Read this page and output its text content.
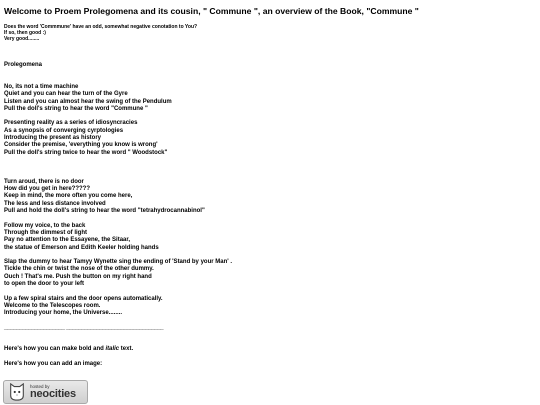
Welcome to Proem Prolegomena and its cousin, " Commune ", an overview of the Book, "Commune "
Does the word 'Commmune' have an odd, somewhat negative conotation to You?
If so, then good :)
Very good........
Prolegomena
No, its not a time machine
Quiet and you can hear the turn of the Gyre
Listen and you can almost hear the swing of the Pendulum
Pull the doll's string to hear the word "Commune "
Presenting reality as a series of idiosyncracies
As a synopsis of converging cyrptologies
Introducing the present as history
Consider the premise, 'everything you know is wrong'
Pull the doll's string twice to hear the word " Woodstock"
Turn aroud, there is no door
How did you get in here?????
Keep in mind, the more often you come here,
The less and less distance involved
Pull and hold the doll's string to hear the word "tetrahydrocannabinol"
Follow my voice, to the back
Through the dimmest of light
Pay no attention to the Essayene, the Sitaar,
the statue of Emerson and Edith Keeler holding hands
Slap the dummy to hear Tamyy Wynette sing the ending of 'Stand by your Man' .
Tickle the chin or twist the nose of the other dummy.
Ouch ! That's me. Push the button on my right hand
to open the door to your left
Up a few spiral stairs and the door opens automatically.
Welcome to the Telescopes room.
Introducing your home, the Universe........
____________________ ________________________________
Here's how you can make bold and italic text.
Here's how you can add an image:
hosted by
neocities
